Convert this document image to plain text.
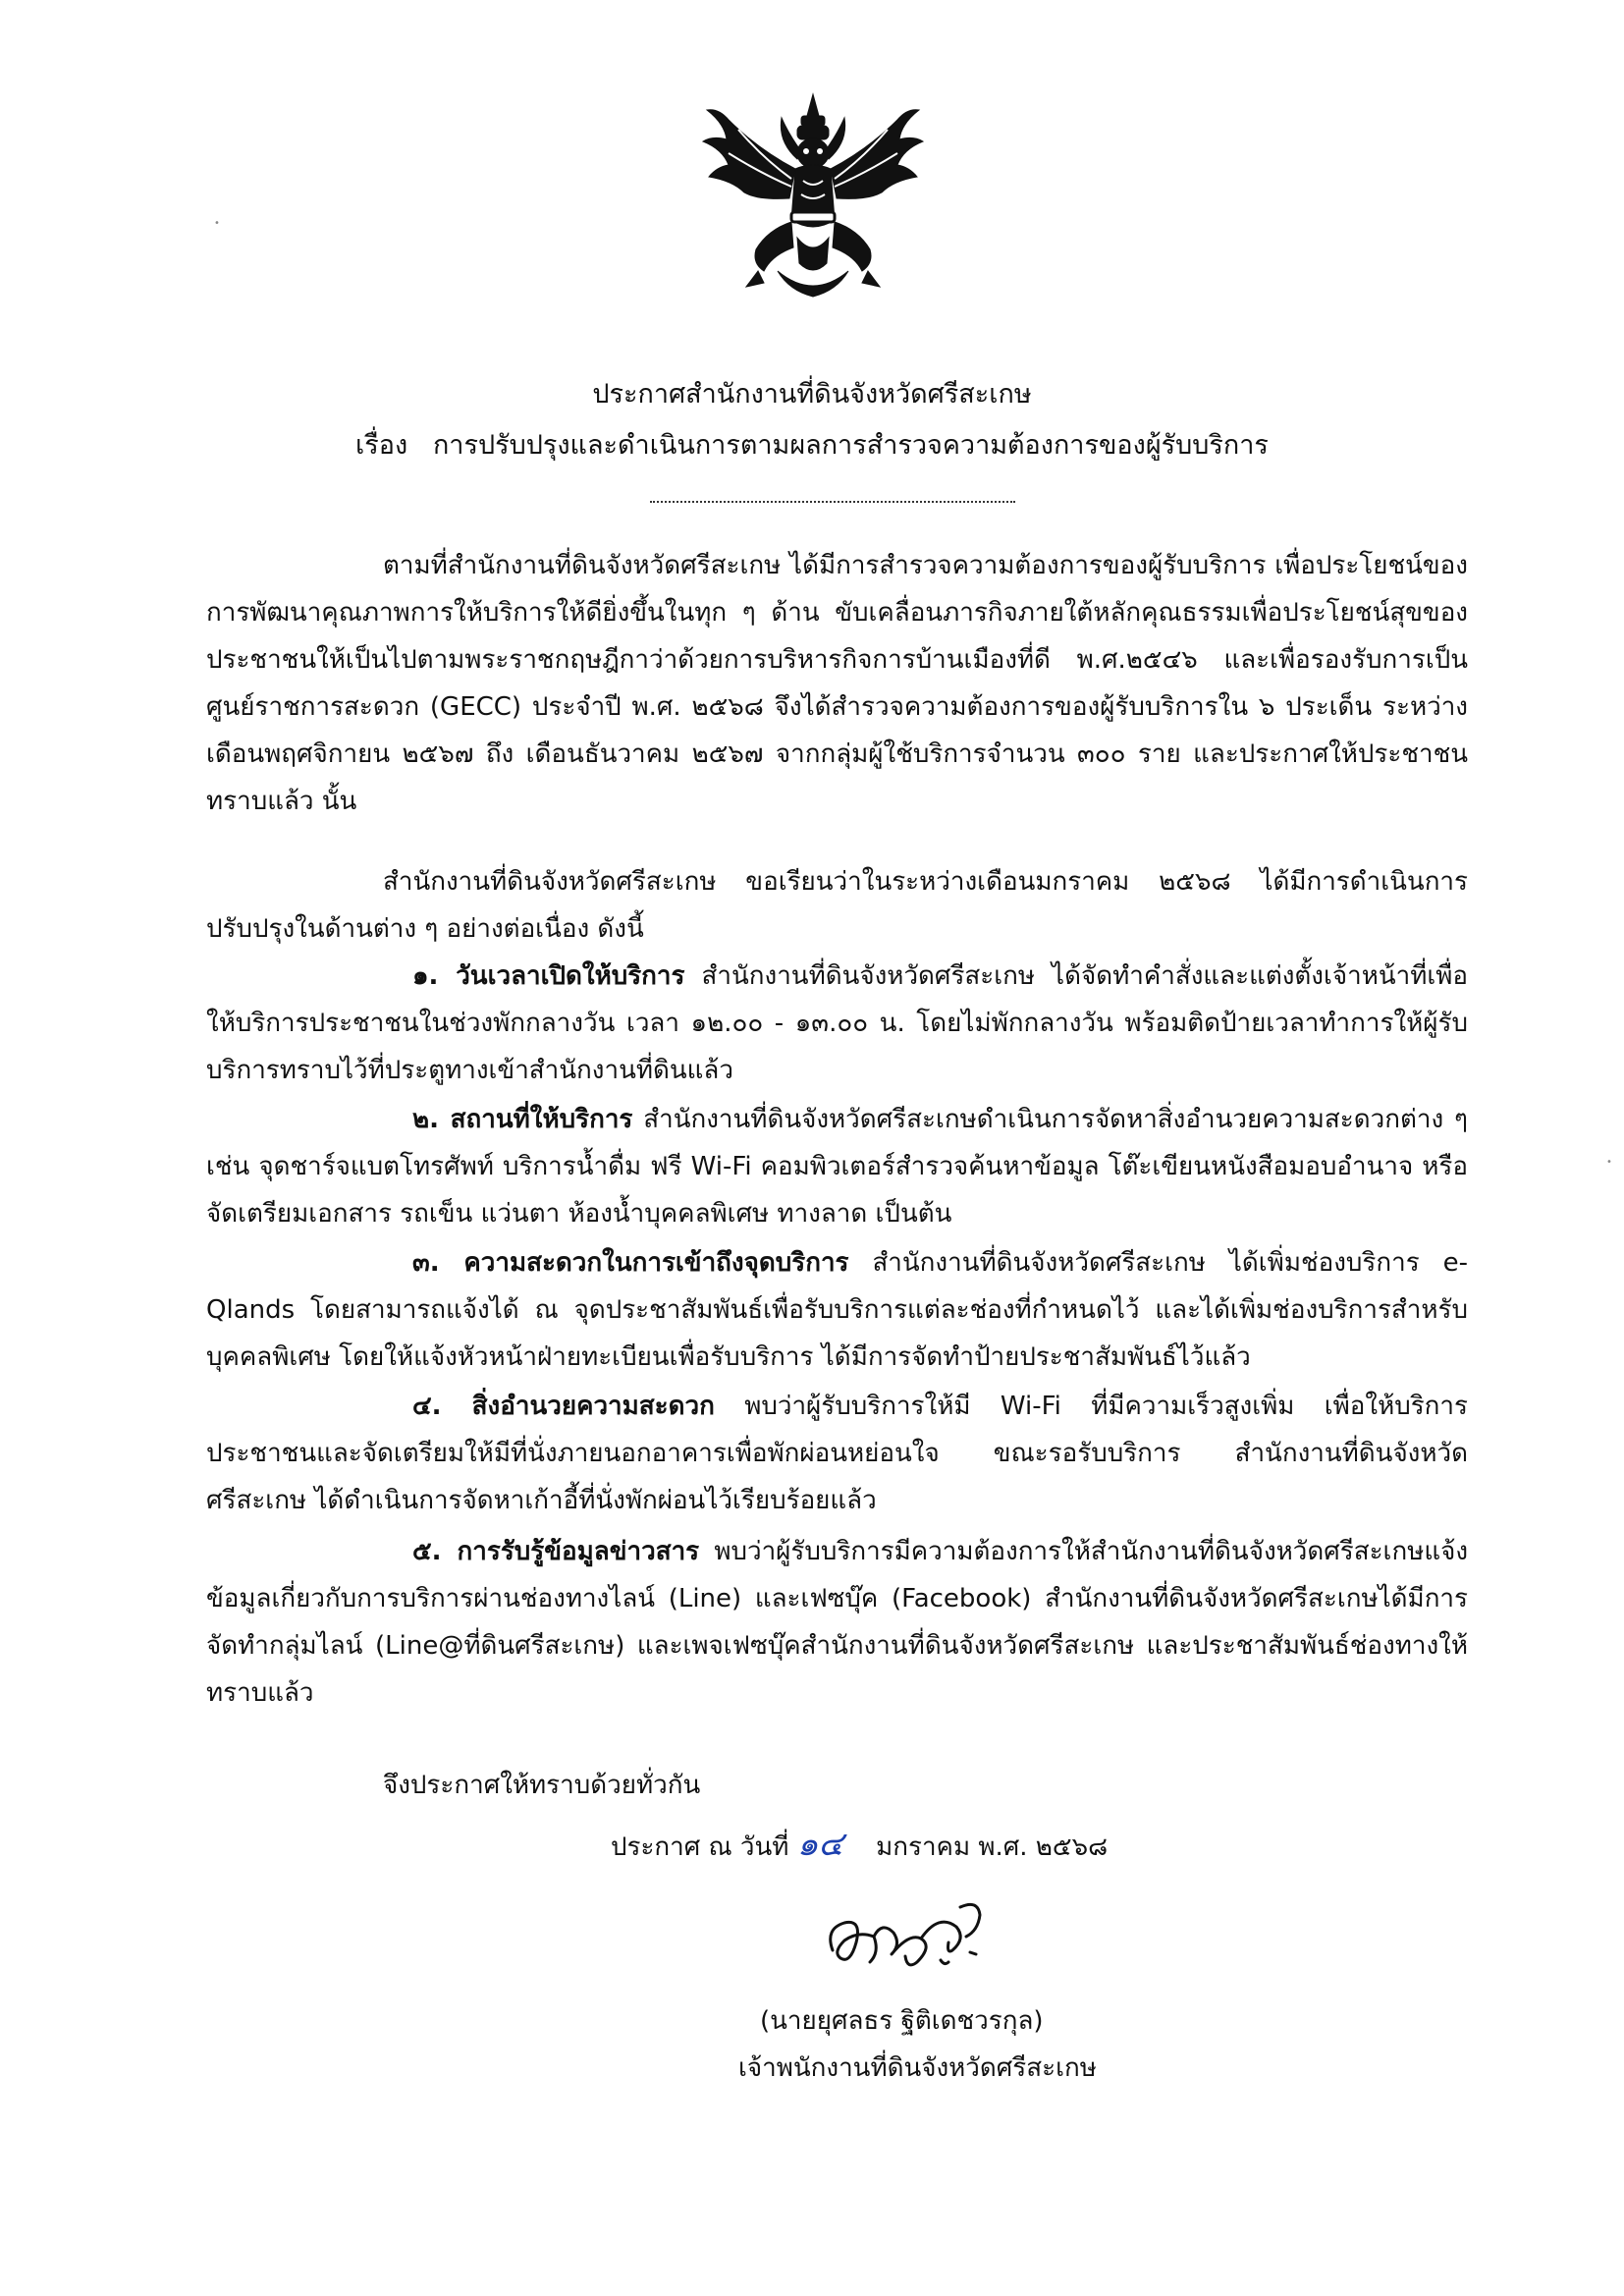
ประกาศสำนักงานที่ดินจังหวัดศรีสะเกษ
เรื่อง การปรับปรุงและดำเนินการตามผลการสำรวจความต้องการของผู้รับบริการ
ตามที่สำนักงานที่ดินจังหวัดศรีสะเกษ ได้มีการสำรวจความต้องการของผู้รับบริการ เพื่อประโยชน์ของการพัฒนาคุณภาพการให้บริการให้ดียิ่งขึ้นในทุก ๆ ด้าน ขับเคลื่อนภารกิจภายใต้หลักคุณธรรมเพื่อประโยชน์สุขของประชาชนให้เป็นไปตามพระราชกฤษฎีกาว่าด้วยการบริหารกิจการบ้านเมืองที่ดี พ.ศ.๒๕๔๖ และเพื่อรองรับการเป็นศูนย์ราชการสะดวก (GECC) ประจำปี พ.ศ. ๒๕๖๘ จึงได้สำรวจความต้องการของผู้รับบริการใน ๖ ประเด็น ระหว่างเดือนพฤศจิกายน ๒๕๖๗ ถึง เดือนธันวาคม ๒๕๖๗ จากกลุ่มผู้ใช้บริการจำนวน ๓๐๐ ราย และประกาศให้ประชาชนทราบแล้ว นั้น
สำนักงานที่ดินจังหวัดศรีสะเกษ ขอเรียนว่าในระหว่างเดือนมกราคม ๒๕๖๘ ได้มีการดำเนินการปรับปรุงในด้านต่าง ๆ อย่างต่อเนื่อง ดังนี้
๑. วันเวลาเปิดให้บริการ สำนักงานที่ดินจังหวัดศรีสะเกษ ได้จัดทำคำสั่งและแต่งตั้งเจ้าหน้าที่เพื่อให้บริการประชาชนในช่วงพักกลางวัน เวลา ๑๒.๐๐ - ๑๓.๐๐ น. โดยไม่พักกลางวัน พร้อมติดป้ายเวลาทำการให้ผู้รับบริการทราบไว้ที่ประตูทางเข้าสำนักงานที่ดินแล้ว
๒. สถานที่ให้บริการ สำนักงานที่ดินจังหวัดศรีสะเกษดำเนินการจัดหาสิ่งอำนวยความสะดวกต่าง ๆ เช่น จุดชาร์จแบตโทรศัพท์ บริการน้ำดื่ม ฟรี Wi-Fi คอมพิวเตอร์สำรวจค้นหาข้อมูล โต๊ะเขียนหนังสือมอบอำนาจ หรือจัดเตรียมเอกสาร รถเข็น แว่นตา ห้องน้ำบุคคลพิเศษ ทางลาด เป็นต้น
๓. ความสะดวกในการเข้าถึงจุดบริการ สำนักงานที่ดินจังหวัดศรีสะเกษ ได้เพิ่มช่องบริการ e-Qlands โดยสามารถแจ้งได้ ณ จุดประชาสัมพันธ์เพื่อรับบริการแต่ละช่องที่กำหนดไว้ และได้เพิ่มช่องบริการสำหรับบุคคลพิเศษ โดยให้แจ้งหัวหน้าฝ่ายทะเบียนเพื่อรับบริการ ได้มีการจัดทำป้ายประชาสัมพันธ์ไว้แล้ว
๔. สิ่งอำนวยความสะดวก พบว่าผู้รับบริการให้มี Wi-Fi ที่มีความเร็วสูงเพิ่ม เพื่อให้บริการประชาชนและจัดเตรียมให้มีที่นั่งภายนอกอาคารเพื่อพักผ่อนหย่อนใจ ขณะรอรับบริการ สำนักงานที่ดินจังหวัดศรีสะเกษ ได้ดำเนินการจัดหาเก้าอี้ที่นั่งพักผ่อนไว้เรียบร้อยแล้ว
๕. การรับรู้ข้อมูลข่าวสาร พบว่าผู้รับบริการมีความต้องการให้สำนักงานที่ดินจังหวัดศรีสะเกษแจ้งข้อมูลเกี่ยวกับการบริการผ่านช่องทางไลน์ (Line) และเฟซบุ๊ค (Facebook) สำนักงานที่ดินจังหวัดศรีสะเกษได้มีการจัดทำกลุ่มไลน์ (Line@ที่ดินศรีสะเกษ) และเพจเฟซบุ๊คสำนักงานที่ดินจังหวัดศรีสะเกษ และประชาสัมพันธ์ช่องทางให้ทราบแล้ว
จึงประกาศให้ทราบด้วยทั่วกัน
ประกาศ ณ วันที่ ๑๔ มกราคม พ.ศ. ๒๕๖๘
(นายยุศลธร ฐิติเดชวรกุล)
เจ้าพนักงานที่ดินจังหวัดศรีสะเกษ
•
•
